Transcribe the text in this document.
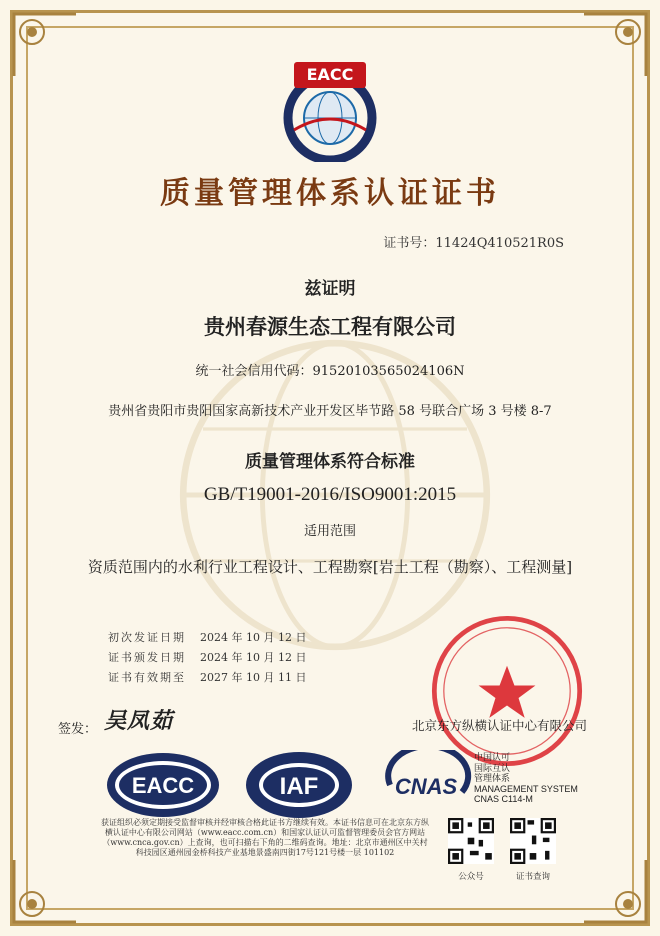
EACC
质量管理体系认证证书
证书号：11424Q410521R0S
兹证明
贵州春源生态工程有限公司
统一社会信用代码：91520103565024106N
贵州省贵阳市贵阳国家高新技术产业开发区毕节路 58 号联合广场 3 号楼 8-7
质量管理体系符合标准
GB/T19001-2016/ISO9001:2015
适用范围
资质范围内的水利行业工程设计、工程勘察[岩土工程（勘察）、工程测量]
初次发证日期	2024 年 10 月 12 日
证书颁发日期	2024 年 10 月 12 日
证书有效期至	2027 年 10 月 11 日
签发： 吴凤茹	北京东方纵横认证中心有限公司
EACC	IAF	CNAS
中国认可
国际互认
管理体系
MANAGEMENT SYSTEM
CNAS C114-M
获证组织必须定期接受监督审核并经审核合格此证书方继续有效。本证书信息可在北京东方纵横认证中心有限公司网站（www.eacc.com.cn）和国家认证认可监督管理委员会官方网站（www.cnca.gov.cn）上查询，也可扫描右下角的二维码查询。地址：北京市通州区中关村科技园区通州园金桥科技产业基地景盛南四街17号121号楼一层 101102
公众号	证书查询
